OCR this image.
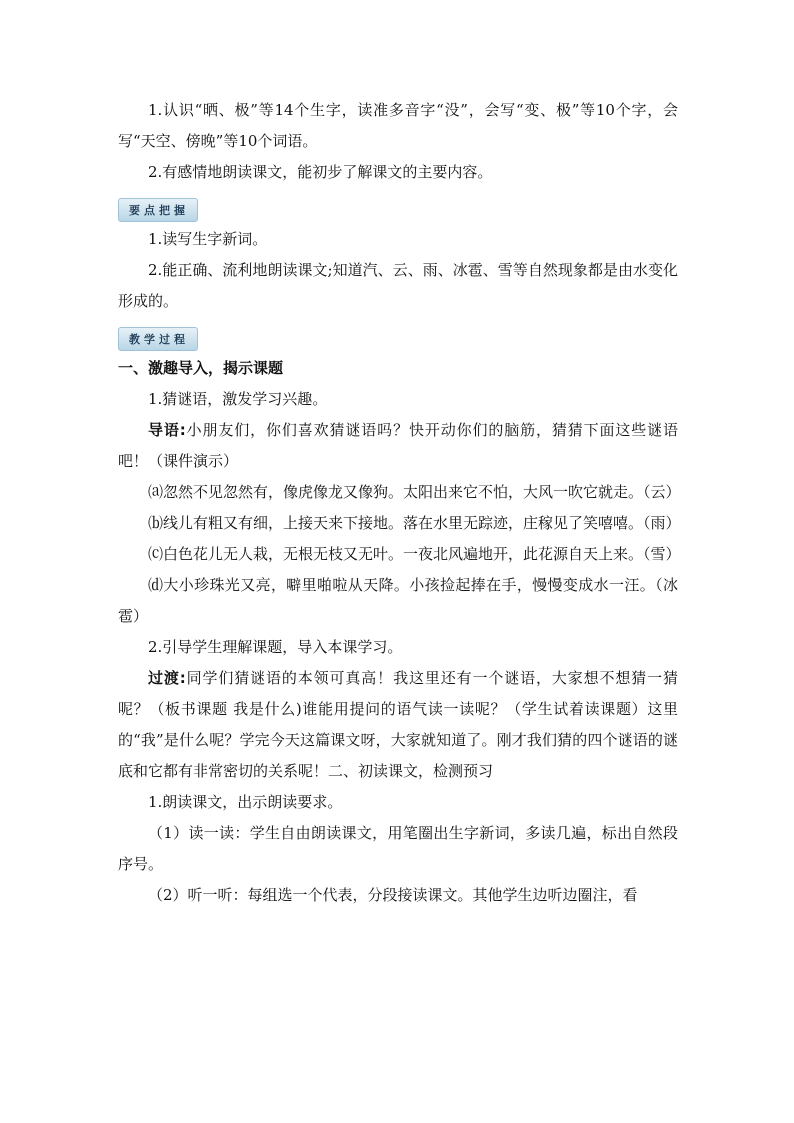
1.认识“晒、极”等14个生字，读准多音字“没”，会写“变、极”等10个字，会写“天空、傍晚”等10个词语。

2.有感情地朗读课文，能初步了解课文的主要内容。

要点把握

1.读写生字新词。

2.能正确、流利地朗读课文;知道汽、云、雨、冰雹、雪等自然现象都是由水变化形成的。

教学过程

一、激趣导入，揭示课题

1.猜谜语，激发学习兴趣。

导语:小朋友们，你们喜欢猜谜语吗？快开动你们的脑筋，猜猜下面这些谜语吧！（课件演示）

⒜忽然不见忽然有，像虎像龙又像狗。太阳出来它不怕，大风一吹它就走。（云）

⒝线儿有粗又有细，上接天来下接地。落在水里无踪迹，庄稼见了笑嘻嘻。（雨）

⒞白色花儿无人栽，无根无枝又无叶。一夜北风遍地开，此花源自天上来。（雪）

⒟大小珍珠光又亮，噼里啪啦从天降。小孩捡起捧在手，慢慢变成水一汪。（冰雹）

2.引导学生理解课题，导入本课学习。

过渡:同学们猜谜语的本领可真高！我这里还有一个谜语，大家想不想猜一猜呢？（板书课题 我是什么)谁能用提问的语气读一读呢？（学生试着读课题）这里的“我”是什么呢？学完今天这篇课文呀，大家就知道了。刚才我们猜的四个谜语的谜底和它都有非常密切的关系呢！二、初读课文，检测预习

1.朗读课文，出示朗读要求。

（1）读一读：学生自由朗读课文，用笔圈出生字新词，多读几遍，标出自然段序号。

（2）听一听：每组选一个代表，分段接读课文。其他学生边听边圈注，看
